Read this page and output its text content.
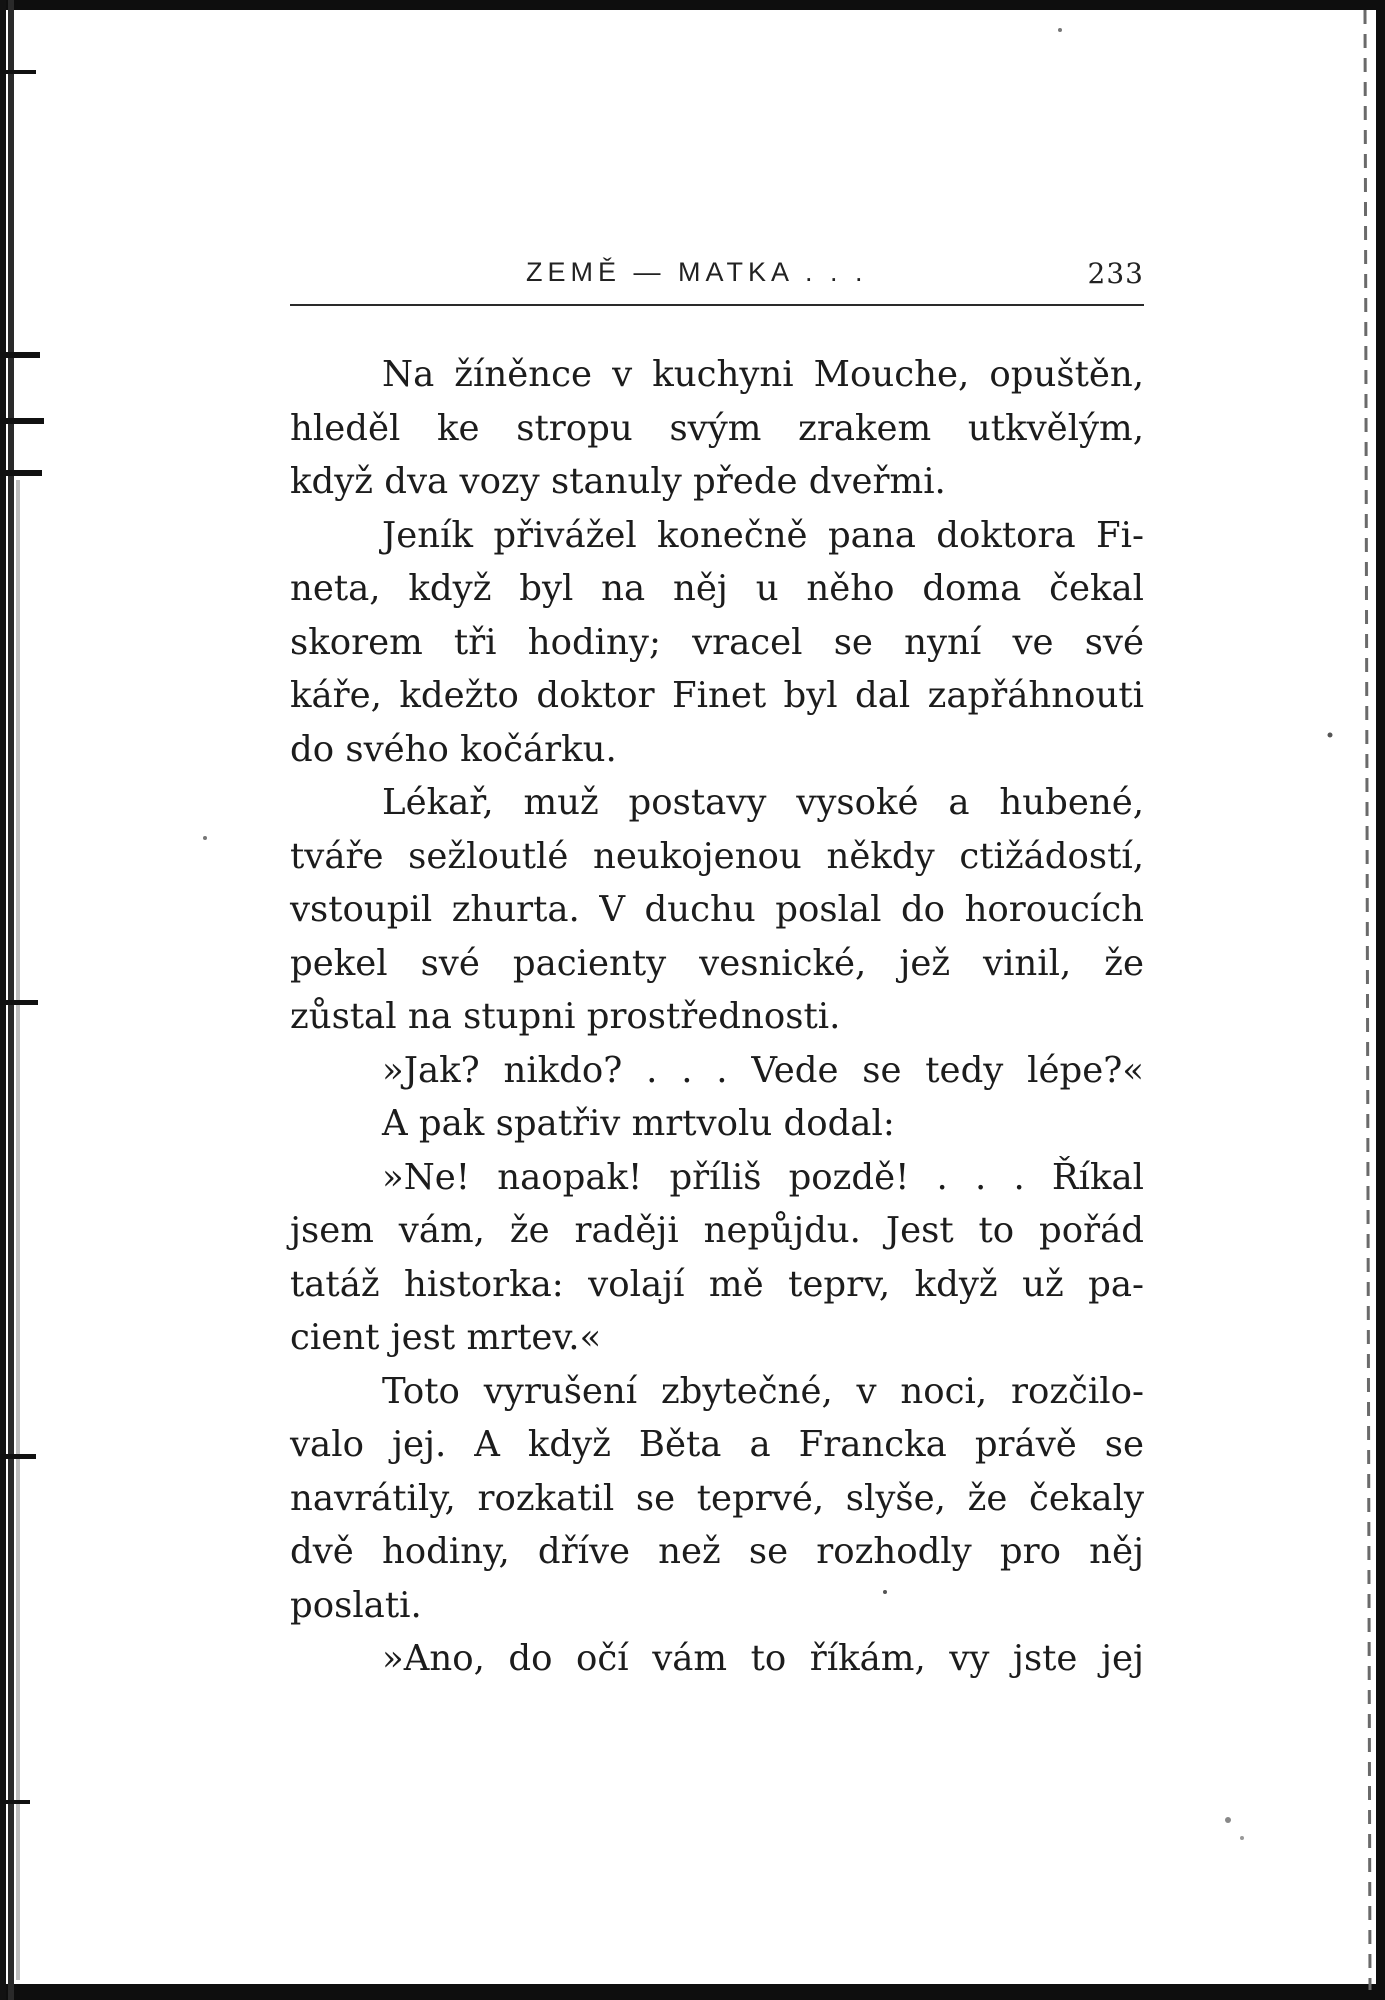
ZEMĚ — MATKA . . .	233
Na žíněnce v kuchyni Mouche, opuštěn,
hleděl ke stropu svým zrakem utkvělým,
když dva vozy stanuly přede dveřmi.
Jeník přivážel konečně pana doktora Fi-
neta, když byl na něj u něho doma čekal
skorem tři hodiny; vracel se nyní ve své
káře, kdežto doktor Finet byl dal zapřáhnouti
do svého kočárku.
Lékař, muž postavy vysoké a hubené,
tváře sežloutlé neukojenou někdy ctižádostí,
vstoupil zhurta. V duchu poslal do horoucích
pekel své pacienty vesnické, jež vinil, že
zůstal na stupni prostřednosti.
»Jak? nikdo? . . . Vede se tedy lépe?«
A pak spatřiv mrtvolu dodal:
»Ne! naopak! příliš pozdě! . . . Říkal
jsem vám, že raději nepůjdu. Jest to pořád
tatáž historka: volají mě teprv, když už pa-
cient jest mrtev.«
Toto vyrušení zbytečné, v noci, rozčilo-
valo jej. A když Běta a Francka právě se
navrátily, rozkatil se teprvé, slyše, že čekaly
dvě hodiny, dříve než se rozhodly pro něj
poslati.
»Ano, do očí vám to říkám, vy jste jej
